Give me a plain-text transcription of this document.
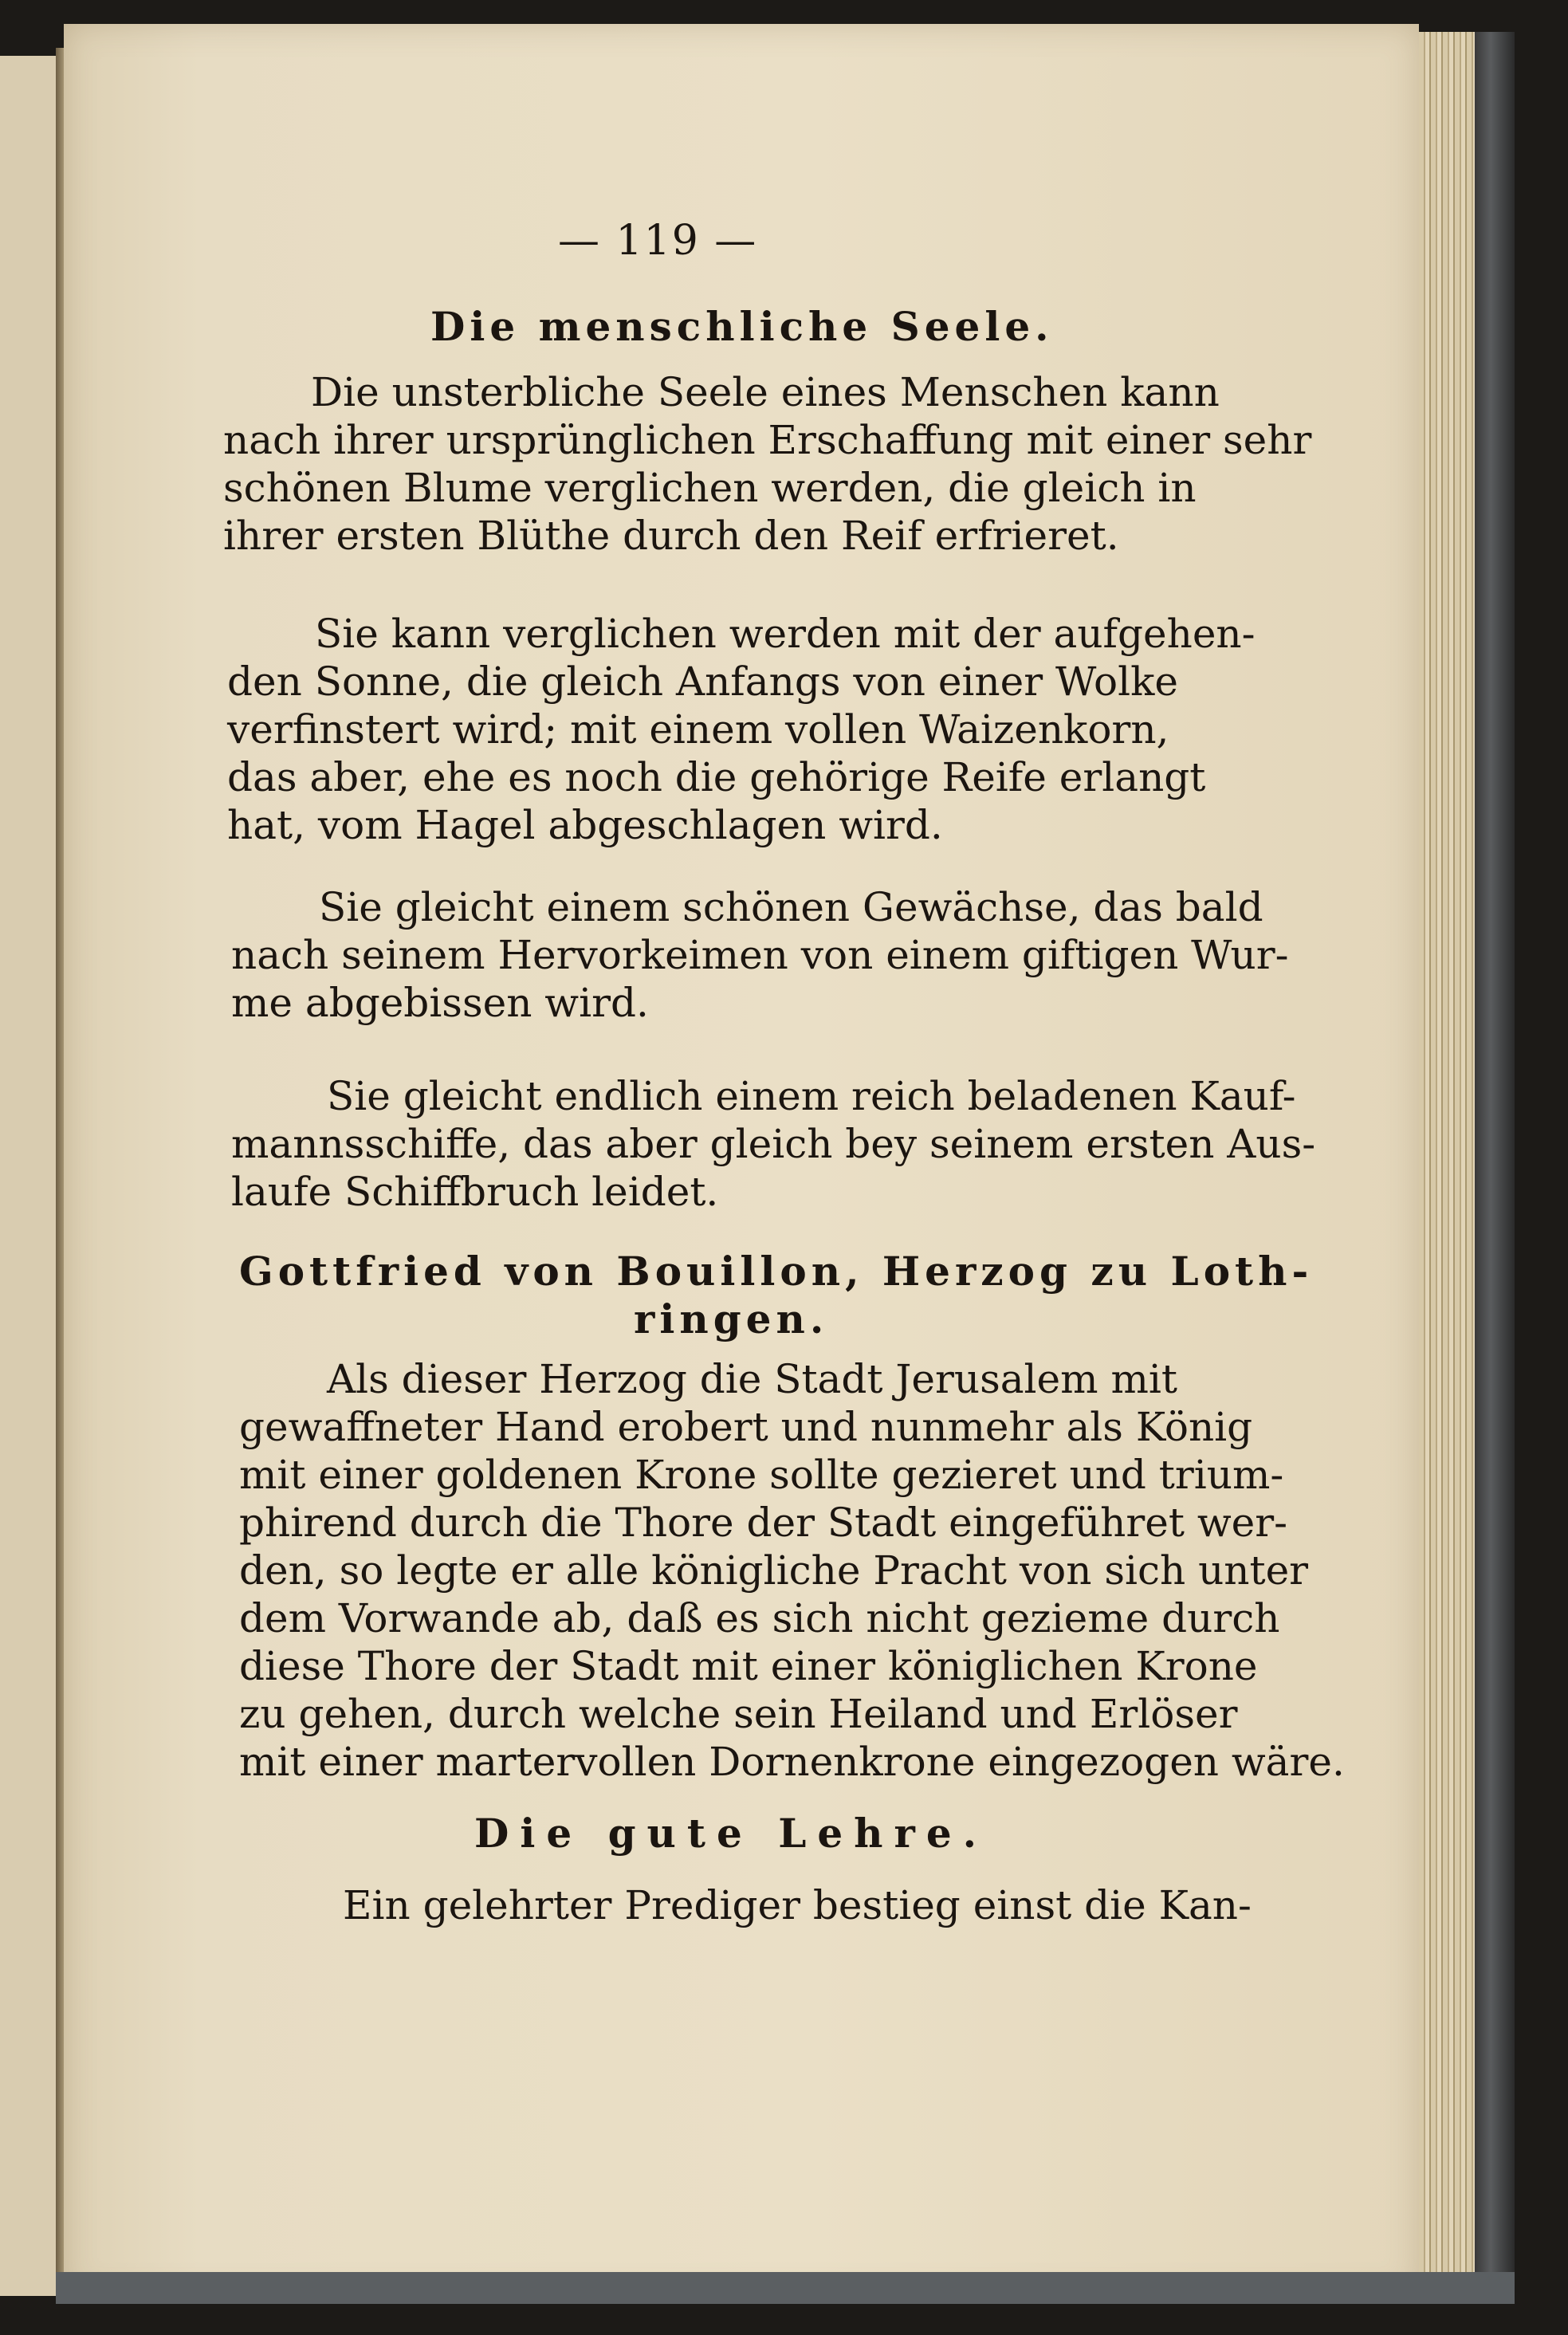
— 119 —

Die menschliche Seele.

Die unsterbliche Seele eines Menschen kann

nach ihrer ursprünglichen Erschaffung mit einer sehr

schönen Blume verglichen werden, die gleich in

ihrer ersten Blüthe durch den Reif erfrieret.

Sie kann verglichen werden mit der aufgehen-

den Sonne, die gleich Anfangs von einer Wolke

verfinstert wird; mit einem vollen Waizenkorn,

das aber, ehe es noch die gehörige Reife erlangt

hat, vom Hagel abgeschlagen wird.

Sie gleicht einem schönen Gewächse, das bald

nach seinem Hervorkeimen von einem giftigen Wur-

me abgebissen wird.

Sie gleicht endlich einem reich beladenen Kauf-

mannsschiffe, das aber gleich bey seinem ersten Aus-

laufe Schiffbruch leidet.

Gottfried von Bouillon, Herzog zu Loth-

ringen.

Als dieser Herzog die Stadt Jerusalem mit

gewaffneter Hand erobert und nunmehr als König

mit einer goldenen Krone sollte gezieret und trium-

phirend durch die Thore der Stadt eingeführet wer-

den, so legte er alle königliche Pracht von sich unter

dem Vorwande ab, daß es sich nicht gezieme durch

diese Thore der Stadt mit einer königlichen Krone

zu gehen, durch welche sein Heiland und Erlöser

mit einer martervollen Dornenkrone eingezogen wäre.

Die gute Lehre.

Ein gelehrter Prediger bestieg einst die Kan-
